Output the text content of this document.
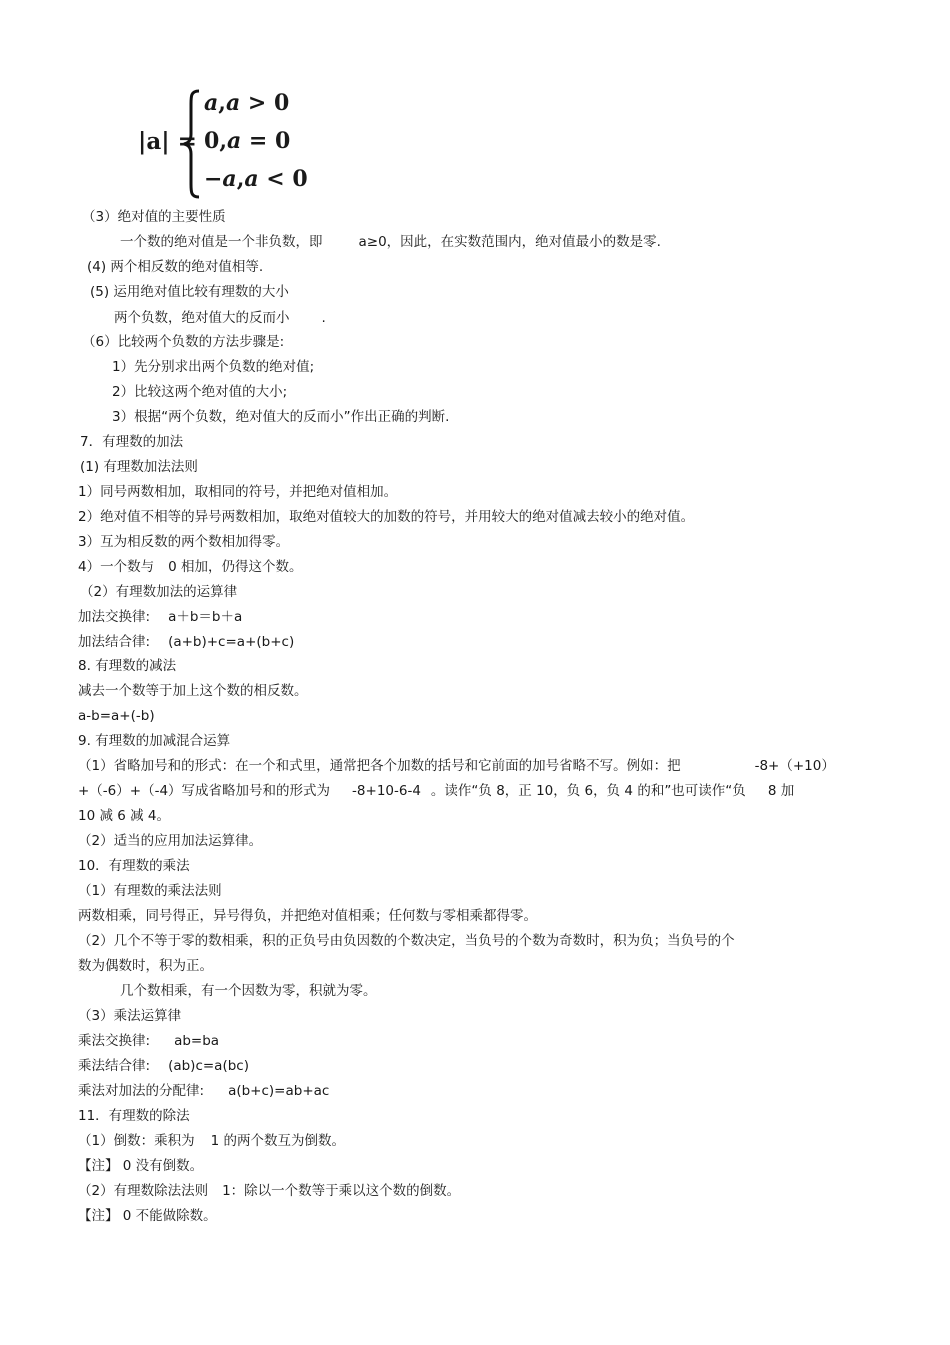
|a| =
a,a > 0
0,a = 0
−a,a < 0
（3）绝对值的主要性质
一个数的绝对值是一个非负数，即	a≥0，因此，在实数范围内，绝对值最小的数是零.
(4) 两个相反数的绝对值相等.
(5) 运用绝对值比较有理数的大小
两个负数，绝对值大的反而小 .
（6）比较两个负数的方法步骤是:
1）先分别求出两个负数的绝对值;
2）比较这两个绝对值的大小;
3）根据“两个负数，绝对值大的反而小”作出正确的判断.
7．有理数的加法
(1) 有理数加法法则
1）同号两数相加，取相同的符号，并把绝对值相加。
2）绝对值不相等的异号两数相加，取绝对值较大的加数的符号，并用较大的绝对值减去较小的绝对值。
3）互为相反数的两个数相加得零。
4）一个数与 0 相加，仍得这个数。
（2）有理数加法的运算律
加法交换律: a＋b＝b＋a
加法结合律: (a+b)+c=a+(b+c)
8. 有理数的减法
减去一个数等于加上这个数的相反数。
a-b=a+(-b)
9. 有理数的加减混合运算
（1）省略加号和的形式：在一个和式里，通常把各个加数的括号和它前面的加号省略不写。例如：把	-8+（+10）
+（-6）+（-4）写成省略加号和的形式为 -8+10-6-4 。读作“负 8，正 10，负 6，负 4 的和”也可读作“负 8 加
10 减 6 减 4。
（2）适当的应用加法运算律。
10．有理数的乘法
（1）有理数的乘法法则
两数相乘，同号得正，异号得负，并把绝对值相乘；任何数与零相乘都得零。
（2）几个不等于零的数相乘，积的正负号由负因数的个数决定，当负号的个数为奇数时，积为负；当负号的个
数为偶数时，积为正。
几个数相乘，有一个因数为零，积就为零。
（3）乘法运算律
乘法交换律: ab=ba
乘法结合律: (ab)c=a(bc)
乘法对加法的分配律: a(b+c)=ab+ac
11．有理数的除法
（1）倒数：乘积为 1 的两个数互为倒数。
【注】 0 没有倒数。
（2）有理数除法法则 1：除以一个数等于乘以这个数的倒数。
【注】 0 不能做除数。
